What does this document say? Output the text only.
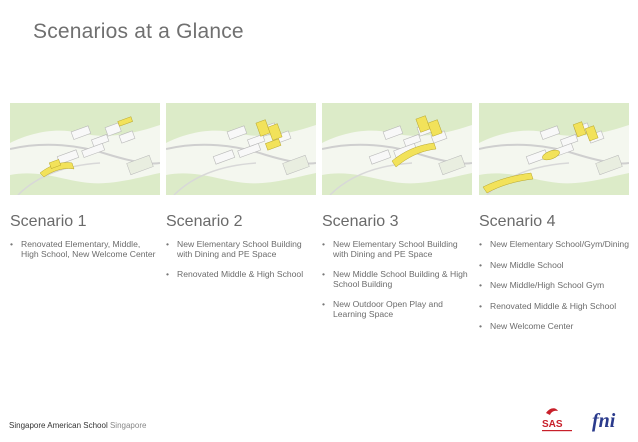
Scenarios at a Glance
Scenario 1
• Renovated Elementary, Middle, High School, New Welcome Center
Scenario 2
• New Elementary School Building with Dining and PE Space
• Renovated Middle & High School
Scenario 3
• New Elementary School Building with Dining and PE Space
• New Middle School Building & High School Building
• New Outdoor Open Play and Learning Space
Scenario 4
• New Elementary School/Gym/Dining
• New Middle School
• New Middle/High School Gym
• Renovated Middle & High School
• New Welcome Center
Singapore American School Singapore	SAS fni
